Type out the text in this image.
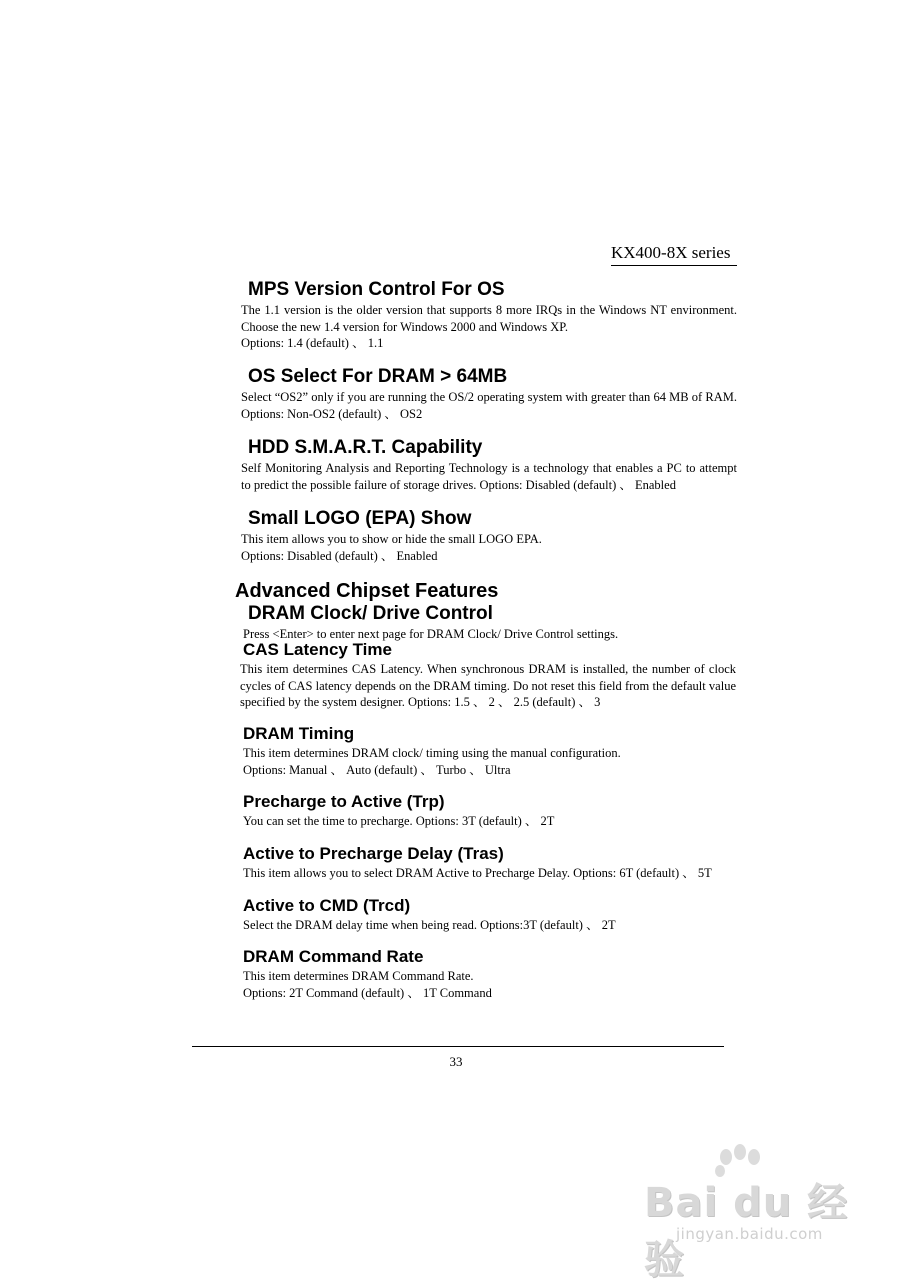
KX400-8X series
MPS Version Control For OS

The 1.1 version is the older version that supports 8 more IRQs in the Windows NT environment. Choose the new 1.4 version for Windows 2000 and Windows XP.

Options: 1.4 (default) 、 1.1

OS Select For DRAM > 64MB

Select “OS2” only if you are running the OS/2 operating system with greater than 64 MB of RAM. Options: Non-OS2 (default) 、 OS2

HDD S.M.A.R.T. Capability

Self Monitoring Analysis and Reporting Technology is a technology that enables a PC to attempt to predict the possible failure of storage drives. Options: Disabled (default) 、 Enabled

Small LOGO (EPA) Show

This item allows you to show or hide the small LOGO EPA.

Options: Disabled (default) 、 Enabled

Advanced Chipset Features
DRAM Clock/ Drive Control

Press <Enter> to enter next page for DRAM Clock/ Drive Control settings.

CAS Latency Time

This item determines CAS Latency. When synchronous DRAM is installed, the number of clock cycles of CAS latency depends on the DRAM timing. Do not reset this field from the default value specified by the system designer. Options: 1.5 、 2 、 2.5 (default) 、 3

DRAM Timing

This item determines DRAM clock/ timing using the manual configuration.

Options: Manual 、 Auto (default) 、 Turbo 、 Ultra

Precharge to Active (Trp)

You can set the time to precharge. Options: 3T (default) 、 2T

Active to Precharge Delay (Tras)

This item allows you to select DRAM Active to Precharge Delay. Options: 6T (default) 、 5T

Active to CMD (Trcd)

Select the DRAM delay time when being read. Options:3T (default) 、 2T

DRAM Command Rate

This item determines DRAM Command Rate.

Options: 2T Command (default) 、 1T Command

33
Bai du 经验
jingyan.baidu.com
